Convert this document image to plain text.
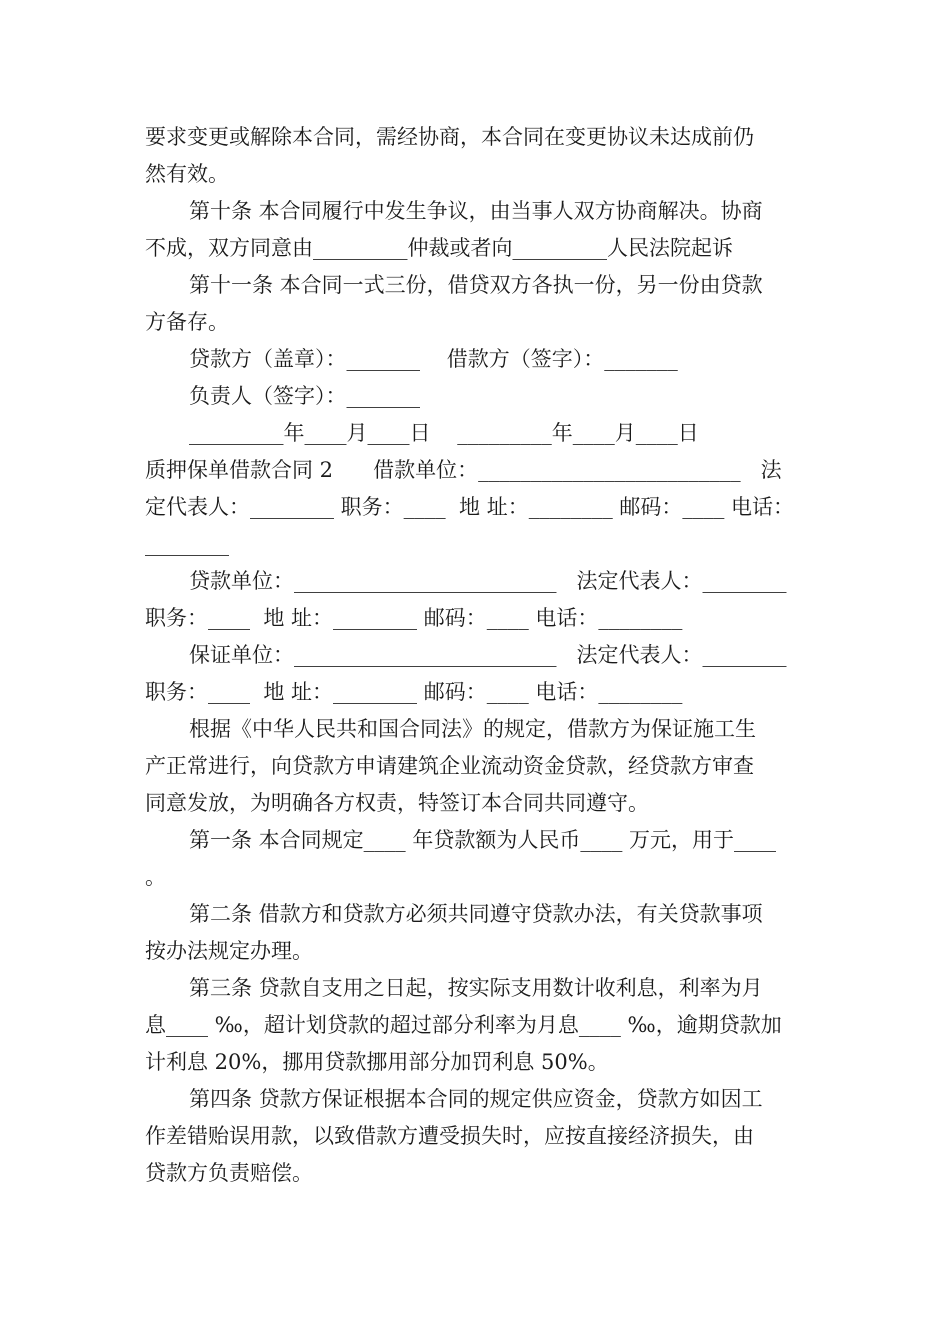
要求变更或解除本合同，需经协商，本合同在变更协议未达成前仍
然有效。
第十条 本合同履行中发生争议，由当事人双方协商解决。协商
不成，双方同意由_________仲裁或者向_________人民法院起诉
第十一条 本合同一式三份，借贷双方各执一份，另一份由贷款
方备存。
贷款方（盖章）：_______    借款方（签字）：_______
负责人（签字）：_______
_________年____月____日    _________年____月____日
质押保单借款合同 2      借款单位：_________________________   法
定代表人：________ 职务：____  地 址：________ 邮码：____ 电话：
________
贷款单位：_________________________   法定代表人：________
职务：____  地 址：________ 邮码：____ 电话：________
保证单位：_________________________   法定代表人：________
职务：____  地 址：________ 邮码：____ 电话：________
根据《中华人民共和国合同法》的规定，借款方为保证施工生
产正常进行，向贷款方申请建筑企业流动资金贷款，经贷款方审查
同意发放，为明确各方权责，特签订本合同共同遵守。
第一条 本合同规定____ 年贷款额为人民币____ 万元，用于____
。
第二条 借款方和贷款方必须共同遵守贷款办法，有关贷款事项
按办法规定办理。
第三条 贷款自支用之日起，按实际支用数计收利息，利率为月
息____ ‰，超计划贷款的超过部分利率为月息____ ‰，逾期贷款加
计利息 20%，挪用贷款挪用部分加罚利息 50%。
第四条 贷款方保证根据本合同的规定供应资金，贷款方如因工
作差错贻误用款，以致借款方遭受损失时，应按直接经济损失，由
贷款方负责赔偿。
